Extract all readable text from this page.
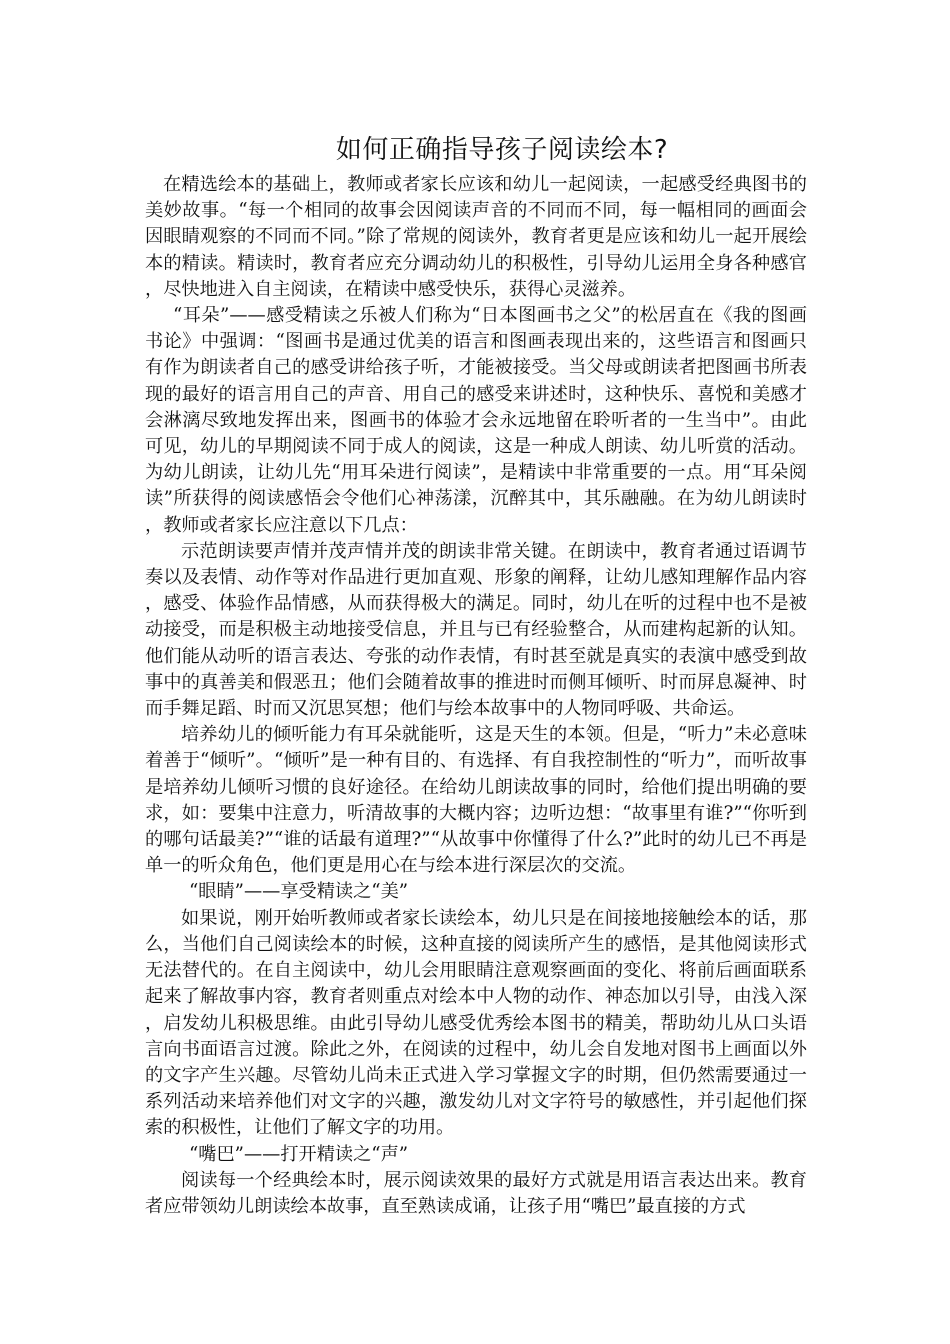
如何正确指导孩子阅读绘本?

在精选绘本的基础上，教师或者家长应该和幼儿一起阅读，一起感受经典图书的美妙故事。“每一个相同的故事会因阅读声音的不同而不同，每一幅相同的画面会因眼睛观察的不同而不同。”除了常规的阅读外，教育者更是应该和幼儿一起开展绘本的精读。精读时，教育者应充分调动幼儿的积极性，引导幼儿运用全身各种感官，尽快地进入自主阅读，在精读中感受快乐，获得心灵滋养。

“耳朵”——感受精读之乐被人们称为“日本图画书之父”的松居直在《我的图画书论》中强调：“图画书是通过优美的语言和图画表现出来的，这些语言和图画只有作为朗读者自己的感受讲给孩子听，才能被接受。当父母或朗读者把图画书所表现的最好的语言用自己的声音、用自己的感受来讲述时，这种快乐、喜悦和美感才会淋漓尽致地发挥出来，图画书的体验才会永远地留在聆听者的一生当中”。由此可见，幼儿的早期阅读不同于成人的阅读，这是一种成人朗读、幼儿听赏的活动。为幼儿朗读，让幼儿先“用耳朵进行阅读”，是精读中非常重要的一点。用“耳朵阅读”所获得的阅读感悟会令他们心神荡漾，沉醉其中，其乐融融。在为幼儿朗读时，教师或者家长应注意以下几点：

示范朗读要声情并茂声情并茂的朗读非常关键。在朗读中，教育者通过语调节奏以及表情、动作等对作品进行更加直观、形象的阐释，让幼儿感知理解作品内容，感受、体验作品情感，从而获得极大的满足。同时，幼儿在听的过程中也不是被动接受，而是积极主动地接受信息，并且与已有经验整合，从而建构起新的认知。他们能从动听的语言表达、夸张的动作表情，有时甚至就是真实的表演中感受到故事中的真善美和假恶丑；他们会随着故事的推进时而侧耳倾听、时而屏息凝神、时而手舞足蹈、时而又沉思冥想；他们与绘本故事中的人物同呼吸、共命运。

培养幼儿的倾听能力有耳朵就能听，这是天生的本领。但是，“听力”未必意味着善于“倾听”。“倾听”是一种有目的、有选择、有自我控制性的“听力”，而听故事是培养幼儿倾听习惯的良好途径。在给幼儿朗读故事的同时，给他们提出明确的要求，如：要集中注意力，听清故事的大概内容；边听边想：“故事里有谁?”“你听到的哪句话最美?”“谁的话最有道理?”“从故事中你懂得了什么?”此时的幼儿已不再是单一的听众角色，他们更是用心在与绘本进行深层次的交流。

“眼睛”——享受精读之“美”

如果说，刚开始听教师或者家长读绘本，幼儿只是在间接地接触绘本的话，那么，当他们自己阅读绘本的时候，这种直接的阅读所产生的感悟，是其他阅读形式无法替代的。在自主阅读中，幼儿会用眼睛注意观察画面的变化、将前后画面联系起来了解故事内容，教育者则重点对绘本中人物的动作、神态加以引导，由浅入深，启发幼儿积极思维。由此引导幼儿感受优秀绘本图书的精美，帮助幼儿从口头语言向书面语言过渡。除此之外，在阅读的过程中，幼儿会自发地对图书上画面以外的文字产生兴趣。尽管幼儿尚未正式进入学习掌握文字的时期，但仍然需要通过一系列活动来培养他们对文字的兴趣，激发幼儿对文字符号的敏感性，并引起他们探索的积极性，让他们了解文字的功用。

“嘴巴”——打开精读之“声”

阅读每一个经典绘本时，展示阅读效果的最好方式就是用语言表达出来。教育者应带领幼儿朗读绘本故事，直至熟读成诵，让孩子用“嘴巴”最直接的方式
